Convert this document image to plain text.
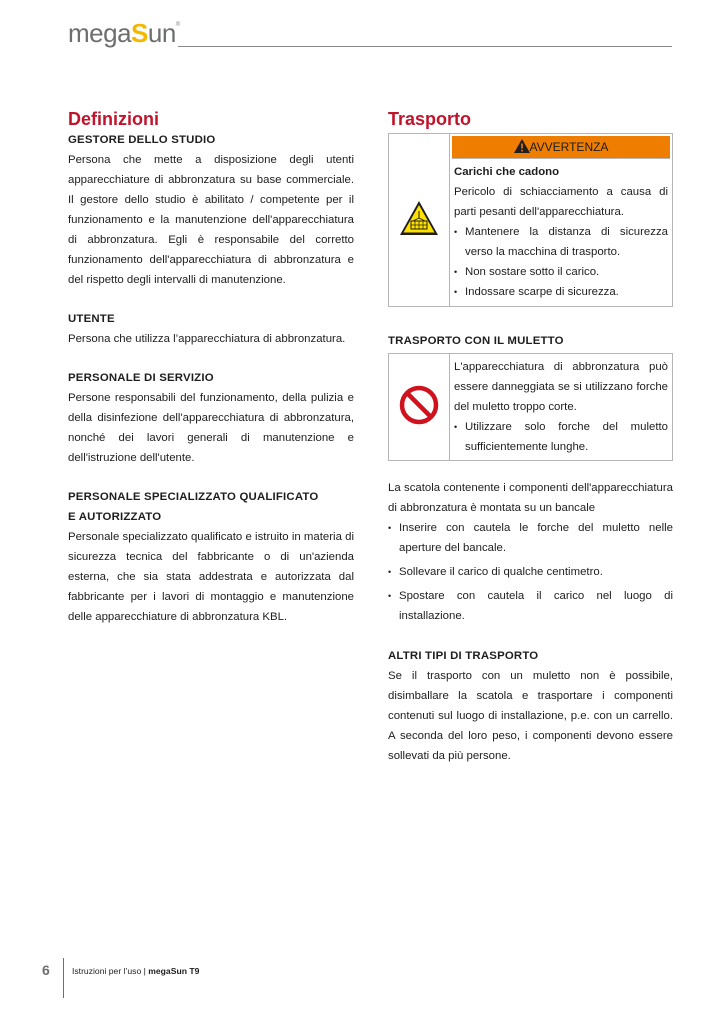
megaSun®
Definizioni
GESTORE DELLO STUDIO

Persona che mette a disposizione degli utenti apparecchiature di abbronzatura su base commerciale. Il gestore dello studio è abilitato / competente per il funzionamento e la manutenzione dell'apparecchiatura di abbronzatura. Egli è responsabile del corretto funzionamento dell'apparecchiatura di abbronzatura e del rispetto degli intervalli di manutenzione.

UTENTE

Persona che utilizza l’apparecchiatura di abbronzatura.

PERSONALE DI SERVIZIO

Persone responsabili del funzionamento, della pulizia e della disinfezione dell'apparecchiatura di abbronzatura, nonché dei lavori generali di manutenzione e dell'istruzione dell'utente.

PERSONALE SPECIALIZZATO QUALIFICATO
E AUTORIZZATO

Personale specializzato qualificato e istruito in materia di sicurezza tecnica del fabbricante o di un'azienda esterna, che sia stata addestrata e autorizzata dal fabbricante per i lavori di montaggio e manutenzione delle apparecchiature di abbronzatura KBL.

Trasporto

AVVERTENZA
Carichi che cadono

Pericolo di schiacciamento a causa di parti pesanti dell'apparecchiatura.

• Mantenere la distanza di sicurezza verso la macchina di trasporto.
• Non sostare sotto il carico.
• Indossare scarpe di sicurezza.
TRASPORTO CON IL MULETTO

L'apparecchiatura di abbronzatura può essere danneggiata se si utilizzano forche del muletto troppo corte.

• Utilizzare solo forche del muletto sufficientemente lunghe.

La scatola contenente i componenti dell'apparecchiatura di abbronzatura è montata su un bancale

• Inserire con cautela le forche del muletto nelle aperture del bancale.
• Sollevare il carico di qualche centimetro.
• Spostare con cautela il carico nel luogo di installazione.
ALTRI TIPI DI TRASPORTO

Se il trasporto con un muletto non è possibile, disimballare la scatola e trasportare i componenti contenuti sul luogo di installazione, p.e. con un carrello. A seconda del loro peso, i componenti devono essere sollevati da più persone.

6	Istruzioni per l’uso | megaSun T9
